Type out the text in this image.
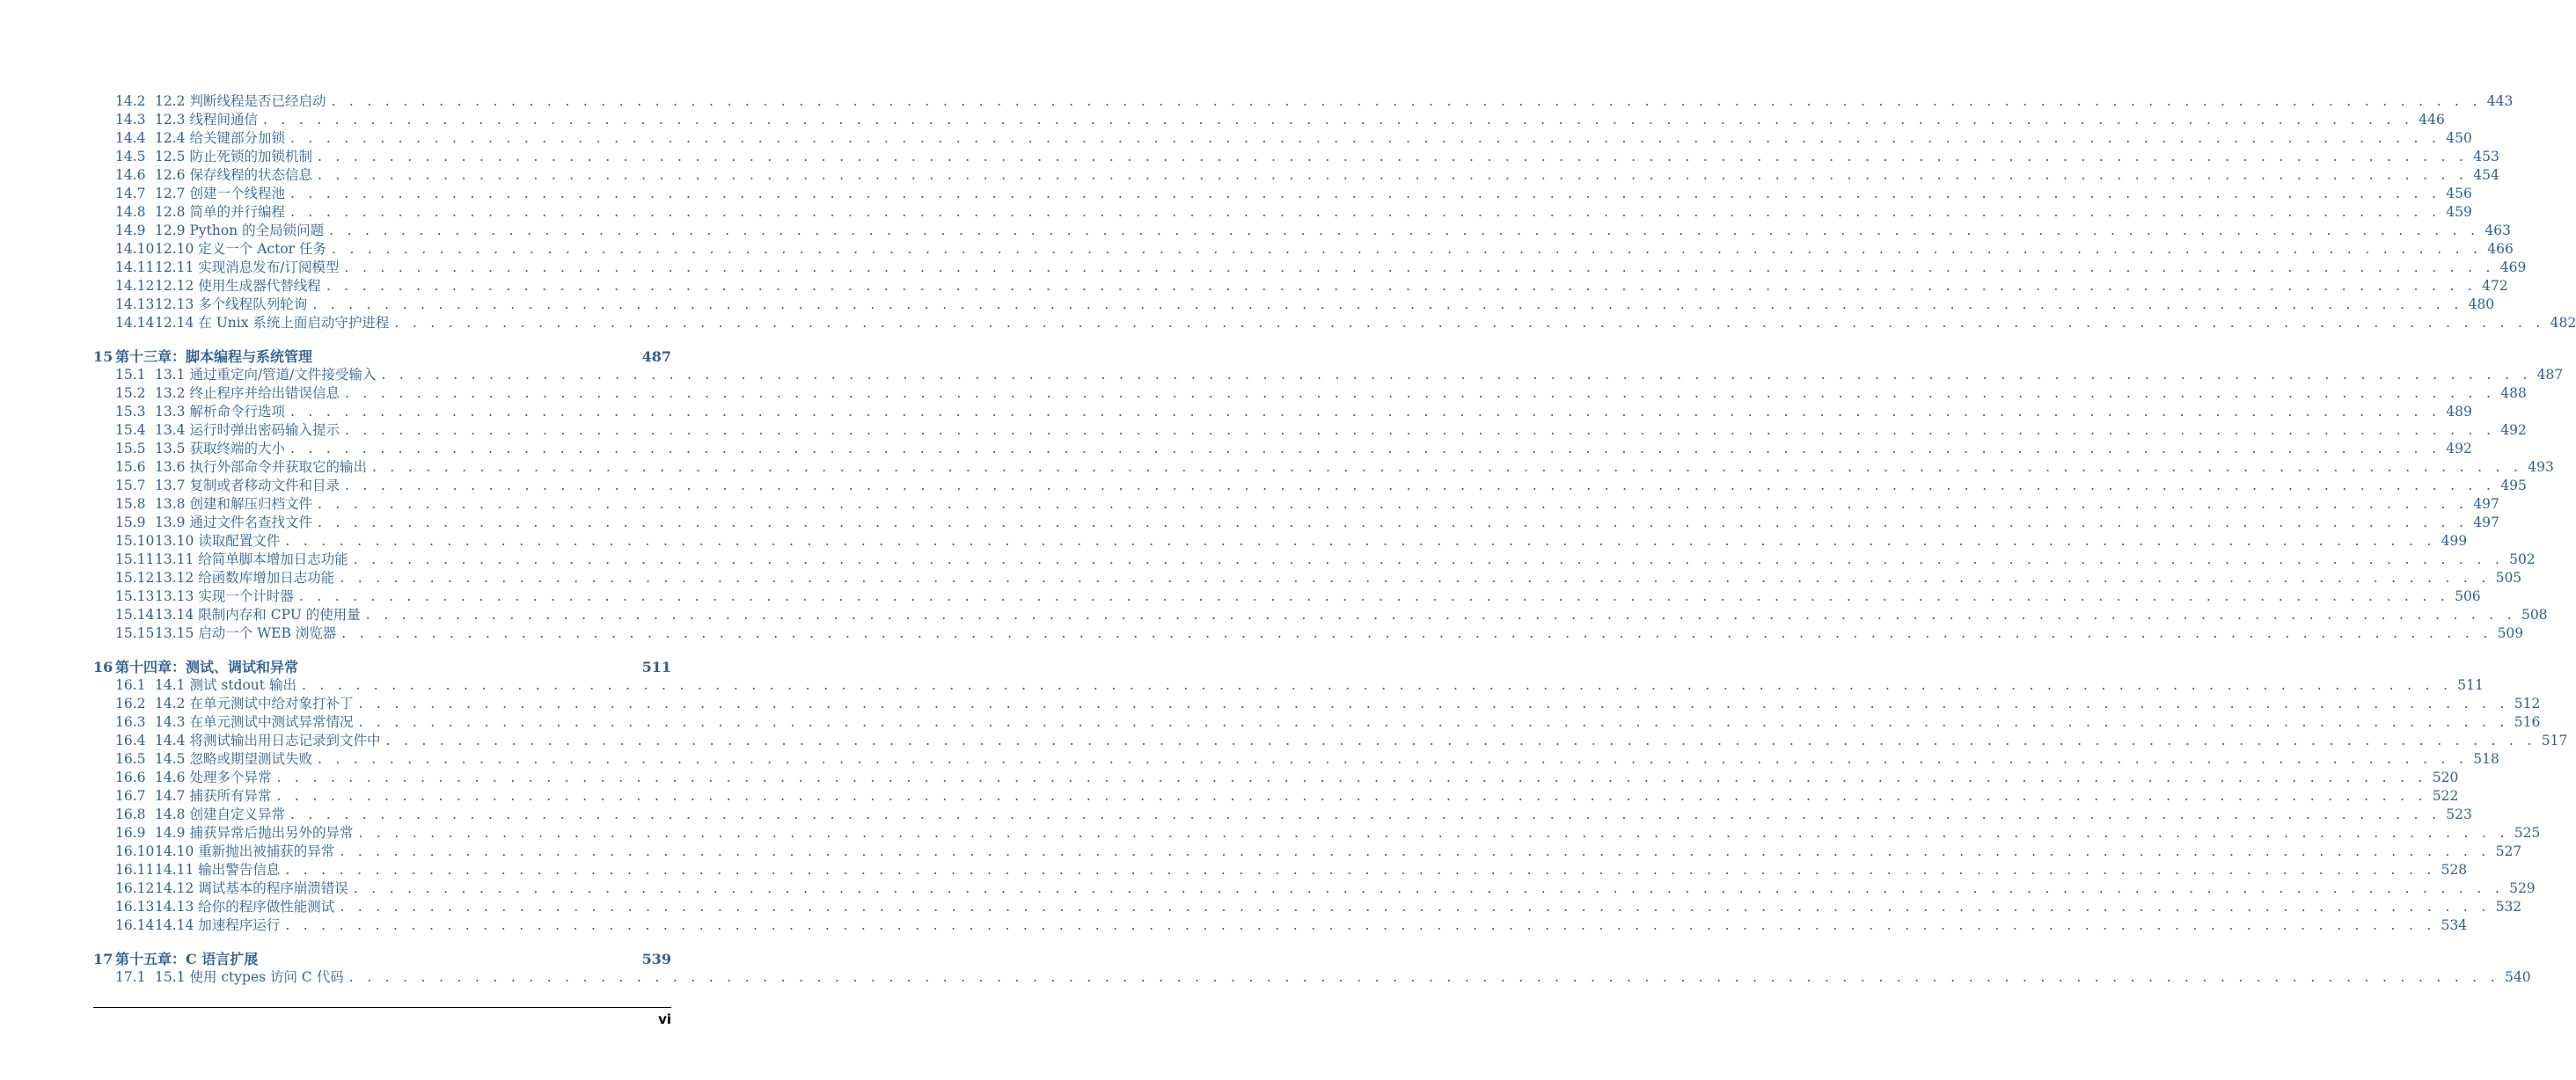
14.2 12.2 判断线程是否已经启动 . . . . . . . . . . . . . . . . . . . . . . . . . . . . . . . . . . . . . . . . . . . . . . . . . . . . . . . . . . . . . . . . . . . . . . . . . . . . . . . . . . . . . . . . . . . . . . . . . . . . . . . . . . . . . . . . . . . . . . . . 443
14.3 12.3 线程间通信 . . . . . . . . . . . . . . . . . . . . . . . . . . . . . . . . . . . . . . . . . . . . . . . . . . . . . . . . . . . . . . . . . . . . . . . . . . . . . . . . . . . . . . . . . . . . . . . . . . . . . . . . . . . . . . . . . . . . . . . . 446
14.4 12.4 给关键部分加锁 . . . . . . . . . . . . . . . . . . . . . . . . . . . . . . . . . . . . . . . . . . . . . . . . . . . . . . . . . . . . . . . . . . . . . . . . . . . . . . . . . . . . . . . . . . . . . . . . . . . . . . . . . . . . . . . . . . . . . . . . 450
14.5 12.5 防止死锁的加锁机制 . . . . . . . . . . . . . . . . . . . . . . . . . . . . . . . . . . . . . . . . . . . . . . . . . . . . . . . . . . . . . . . . . . . . . . . . . . . . . . . . . . . . . . . . . . . . . . . . . . . . . . . . . . . . . . . . . . . . . . . . 453
14.6 12.6 保存线程的状态信息 . . . . . . . . . . . . . . . . . . . . . . . . . . . . . . . . . . . . . . . . . . . . . . . . . . . . . . . . . . . . . . . . . . . . . . . . . . . . . . . . . . . . . . . . . . . . . . . . . . . . . . . . . . . . . . . . . . . . . . . . 454
14.7 12.7 创建一个线程池 . . . . . . . . . . . . . . . . . . . . . . . . . . . . . . . . . . . . . . . . . . . . . . . . . . . . . . . . . . . . . . . . . . . . . . . . . . . . . . . . . . . . . . . . . . . . . . . . . . . . . . . . . . . . . . . . . . . . . . . . 456
14.8 12.8 简单的并行编程 . . . . . . . . . . . . . . . . . . . . . . . . . . . . . . . . . . . . . . . . . . . . . . . . . . . . . . . . . . . . . . . . . . . . . . . . . . . . . . . . . . . . . . . . . . . . . . . . . . . . . . . . . . . . . . . . . . . . . . . . 459
14.9 12.9 Python 的全局锁问题 . . . . . . . . . . . . . . . . . . . . . . . . . . . . . . . . . . . . . . . . . . . . . . . . . . . . . . . . . . . . . . . . . . . . . . . . . . . . . . . . . . . . . . . . . . . . . . . . . . . . . . . . . . . . . . . . . . . . . . . . 463
14.10 12.10 定义一个 Actor 任务 . . . . . . . . . . . . . . . . . . . . . . . . . . . . . . . . . . . . . . . . . . . . . . . . . . . . . . . . . . . . . . . . . . . . . . . . . . . . . . . . . . . . . . . . . . . . . . . . . . . . . . . . . . . . . . . . . . . . . . . . 466
14.11 12.11 实现消息发布/订阅模型 . . . . . . . . . . . . . . . . . . . . . . . . . . . . . . . . . . . . . . . . . . . . . . . . . . . . . . . . . . . . . . . . . . . . . . . . . . . . . . . . . . . . . . . . . . . . . . . . . . . . . . . . . . . . . . . . . . . . . . . . 469
14.12 12.12 使用生成器代替线程 . . . . . . . . . . . . . . . . . . . . . . . . . . . . . . . . . . . . . . . . . . . . . . . . . . . . . . . . . . . . . . . . . . . . . . . . . . . . . . . . . . . . . . . . . . . . . . . . . . . . . . . . . . . . . . . . . . . . . . . . 472
14.13 12.13 多个线程队列轮询 . . . . . . . . . . . . . . . . . . . . . . . . . . . . . . . . . . . . . . . . . . . . . . . . . . . . . . . . . . . . . . . . . . . . . . . . . . . . . . . . . . . . . . . . . . . . . . . . . . . . . . . . . . . . . . . . . . . . . . . . 480
14.14 12.14 在 Unix 系统上面启动守护进程 . . . . . . . . . . . . . . . . . . . . . . . . . . . . . . . . . . . . . . . . . . . . . . . . . . . . . . . . . . . . . . . . . . . . . . . . . . . . . . . . . . . . . . . . . . . . . . . . . . . . . . . . . . . . . . . . . . . . . . . . 482
15 第十三章：脚本编程与系统管理	487
15.1 13.1 通过重定向/管道/文件接受输入 . . . . . . . . . . . . . . . . . . . . . . . . . . . . . . . . . . . . . . . . . . . . . . . . . . . . . . . . . . . . . . . . . . . . . . . . . . . . . . . . . . . . . . . . . . . . . . . . . . . . . . . . . . . . . . . . . . . . . . . . 487
15.2 13.2 终止程序并给出错误信息 . . . . . . . . . . . . . . . . . . . . . . . . . . . . . . . . . . . . . . . . . . . . . . . . . . . . . . . . . . . . . . . . . . . . . . . . . . . . . . . . . . . . . . . . . . . . . . . . . . . . . . . . . . . . . . . . . . . . . . . . 488
15.3 13.3 解析命令行选项 . . . . . . . . . . . . . . . . . . . . . . . . . . . . . . . . . . . . . . . . . . . . . . . . . . . . . . . . . . . . . . . . . . . . . . . . . . . . . . . . . . . . . . . . . . . . . . . . . . . . . . . . . . . . . . . . . . . . . . . . 489
15.4 13.4 运行时弹出密码输入提示 . . . . . . . . . . . . . . . . . . . . . . . . . . . . . . . . . . . . . . . . . . . . . . . . . . . . . . . . . . . . . . . . . . . . . . . . . . . . . . . . . . . . . . . . . . . . . . . . . . . . . . . . . . . . . . . . . . . . . . . . 492
15.5 13.5 获取终端的大小 . . . . . . . . . . . . . . . . . . . . . . . . . . . . . . . . . . . . . . . . . . . . . . . . . . . . . . . . . . . . . . . . . . . . . . . . . . . . . . . . . . . . . . . . . . . . . . . . . . . . . . . . . . . . . . . . . . . . . . . . 492
15.6 13.6 执行外部命令并获取它的输出 . . . . . . . . . . . . . . . . . . . . . . . . . . . . . . . . . . . . . . . . . . . . . . . . . . . . . . . . . . . . . . . . . . . . . . . . . . . . . . . . . . . . . . . . . . . . . . . . . . . . . . . . . . . . . . . . . . . . . . . . 493
15.7 13.7 复制或者移动文件和目录 . . . . . . . . . . . . . . . . . . . . . . . . . . . . . . . . . . . . . . . . . . . . . . . . . . . . . . . . . . . . . . . . . . . . . . . . . . . . . . . . . . . . . . . . . . . . . . . . . . . . . . . . . . . . . . . . . . . . . . . . 495
15.8 13.8 创建和解压归档文件 . . . . . . . . . . . . . . . . . . . . . . . . . . . . . . . . . . . . . . . . . . . . . . . . . . . . . . . . . . . . . . . . . . . . . . . . . . . . . . . . . . . . . . . . . . . . . . . . . . . . . . . . . . . . . . . . . . . . . . . . 497
15.9 13.9 通过文件名查找文件 . . . . . . . . . . . . . . . . . . . . . . . . . . . . . . . . . . . . . . . . . . . . . . . . . . . . . . . . . . . . . . . . . . . . . . . . . . . . . . . . . . . . . . . . . . . . . . . . . . . . . . . . . . . . . . . . . . . . . . . . 497
15.10 13.10 读取配置文件 . . . . . . . . . . . . . . . . . . . . . . . . . . . . . . . . . . . . . . . . . . . . . . . . . . . . . . . . . . . . . . . . . . . . . . . . . . . . . . . . . . . . . . . . . . . . . . . . . . . . . . . . . . . . . . . . . . . . . . . . 499
15.11 13.11 给简单脚本增加日志功能 . . . . . . . . . . . . . . . . . . . . . . . . . . . . . . . . . . . . . . . . . . . . . . . . . . . . . . . . . . . . . . . . . . . . . . . . . . . . . . . . . . . . . . . . . . . . . . . . . . . . . . . . . . . . . . . . . . . . . . . . 502
15.12 13.12 给函数库增加日志功能 . . . . . . . . . . . . . . . . . . . . . . . . . . . . . . . . . . . . . . . . . . . . . . . . . . . . . . . . . . . . . . . . . . . . . . . . . . . . . . . . . . . . . . . . . . . . . . . . . . . . . . . . . . . . . . . . . . . . . . . . 505
15.13 13.13 实现一个计时器 . . . . . . . . . . . . . . . . . . . . . . . . . . . . . . . . . . . . . . . . . . . . . . . . . . . . . . . . . . . . . . . . . . . . . . . . . . . . . . . . . . . . . . . . . . . . . . . . . . . . . . . . . . . . . . . . . . . . . . . . 506
15.14 13.14 限制内存和 CPU 的使用量 . . . . . . . . . . . . . . . . . . . . . . . . . . . . . . . . . . . . . . . . . . . . . . . . . . . . . . . . . . . . . . . . . . . . . . . . . . . . . . . . . . . . . . . . . . . . . . . . . . . . . . . . . . . . . . . . . . . . . . . . 508
15.15 13.15 启动一个 WEB 浏览器 . . . . . . . . . . . . . . . . . . . . . . . . . . . . . . . . . . . . . . . . . . . . . . . . . . . . . . . . . . . . . . . . . . . . . . . . . . . . . . . . . . . . . . . . . . . . . . . . . . . . . . . . . . . . . . . . . . . . . . . . 509
16 第十四章：测试、调试和异常	511
16.1 14.1 测试 stdout 输出 . . . . . . . . . . . . . . . . . . . . . . . . . . . . . . . . . . . . . . . . . . . . . . . . . . . . . . . . . . . . . . . . . . . . . . . . . . . . . . . . . . . . . . . . . . . . . . . . . . . . . . . . . . . . . . . . . . . . . . . . 511
16.2 14.2 在单元测试中给对象打补丁 . . . . . . . . . . . . . . . . . . . . . . . . . . . . . . . . . . . . . . . . . . . . . . . . . . . . . . . . . . . . . . . . . . . . . . . . . . . . . . . . . . . . . . . . . . . . . . . . . . . . . . . . . . . . . . . . . . . . . . . . 512
16.3 14.3 在单元测试中测试异常情况 . . . . . . . . . . . . . . . . . . . . . . . . . . . . . . . . . . . . . . . . . . . . . . . . . . . . . . . . . . . . . . . . . . . . . . . . . . . . . . . . . . . . . . . . . . . . . . . . . . . . . . . . . . . . . . . . . . . . . . . . 516
16.4 14.4 将测试输出用日志记录到文件中 . . . . . . . . . . . . . . . . . . . . . . . . . . . . . . . . . . . . . . . . . . . . . . . . . . . . . . . . . . . . . . . . . . . . . . . . . . . . . . . . . . . . . . . . . . . . . . . . . . . . . . . . . . . . . . . . . . . . . . . . 517
16.5 14.5 忽略或期望测试失败 . . . . . . . . . . . . . . . . . . . . . . . . . . . . . . . . . . . . . . . . . . . . . . . . . . . . . . . . . . . . . . . . . . . . . . . . . . . . . . . . . . . . . . . . . . . . . . . . . . . . . . . . . . . . . . . . . . . . . . . . 518
16.6 14.6 处理多个异常 . . . . . . . . . . . . . . . . . . . . . . . . . . . . . . . . . . . . . . . . . . . . . . . . . . . . . . . . . . . . . . . . . . . . . . . . . . . . . . . . . . . . . . . . . . . . . . . . . . . . . . . . . . . . . . . . . . . . . . . . 520
16.7 14.7 捕获所有异常 . . . . . . . . . . . . . . . . . . . . . . . . . . . . . . . . . . . . . . . . . . . . . . . . . . . . . . . . . . . . . . . . . . . . . . . . . . . . . . . . . . . . . . . . . . . . . . . . . . . . . . . . . . . . . . . . . . . . . . . . 522
16.8 14.8 创建自定义异常 . . . . . . . . . . . . . . . . . . . . . . . . . . . . . . . . . . . . . . . . . . . . . . . . . . . . . . . . . . . . . . . . . . . . . . . . . . . . . . . . . . . . . . . . . . . . . . . . . . . . . . . . . . . . . . . . . . . . . . . . 523
16.9 14.9 捕获异常后抛出另外的异常 . . . . . . . . . . . . . . . . . . . . . . . . . . . . . . . . . . . . . . . . . . . . . . . . . . . . . . . . . . . . . . . . . . . . . . . . . . . . . . . . . . . . . . . . . . . . . . . . . . . . . . . . . . . . . . . . . . . . . . . . 525
16.10 14.10 重新抛出被捕获的异常 . . . . . . . . . . . . . . . . . . . . . . . . . . . . . . . . . . . . . . . . . . . . . . . . . . . . . . . . . . . . . . . . . . . . . . . . . . . . . . . . . . . . . . . . . . . . . . . . . . . . . . . . . . . . . . . . . . . . . . . . 527
16.11 14.11 输出警告信息 . . . . . . . . . . . . . . . . . . . . . . . . . . . . . . . . . . . . . . . . . . . . . . . . . . . . . . . . . . . . . . . . . . . . . . . . . . . . . . . . . . . . . . . . . . . . . . . . . . . . . . . . . . . . . . . . . . . . . . . . 528
16.12 14.12 调试基本的程序崩溃错误 . . . . . . . . . . . . . . . . . . . . . . . . . . . . . . . . . . . . . . . . . . . . . . . . . . . . . . . . . . . . . . . . . . . . . . . . . . . . . . . . . . . . . . . . . . . . . . . . . . . . . . . . . . . . . . . . . . . . . . . . 529
16.13 14.13 给你的程序做性能测试 . . . . . . . . . . . . . . . . . . . . . . . . . . . . . . . . . . . . . . . . . . . . . . . . . . . . . . . . . . . . . . . . . . . . . . . . . . . . . . . . . . . . . . . . . . . . . . . . . . . . . . . . . . . . . . . . . . . . . . . . 532
16.14 14.14 加速程序运行 . . . . . . . . . . . . . . . . . . . . . . . . . . . . . . . . . . . . . . . . . . . . . . . . . . . . . . . . . . . . . . . . . . . . . . . . . . . . . . . . . . . . . . . . . . . . . . . . . . . . . . . . . . . . . . . . . . . . . . . . 534
17 第十五章：C 语言扩展	539
17.1 15.1 使用 ctypes 访问 C 代码 . . . . . . . . . . . . . . . . . . . . . . . . . . . . . . . . . . . . . . . . . . . . . . . . . . . . . . . . . . . . . . . . . . . . . . . . . . . . . . . . . . . . . . . . . . . . . . . . . . . . . . . . . . . . . . . . . . . . . . . . 540
vi
